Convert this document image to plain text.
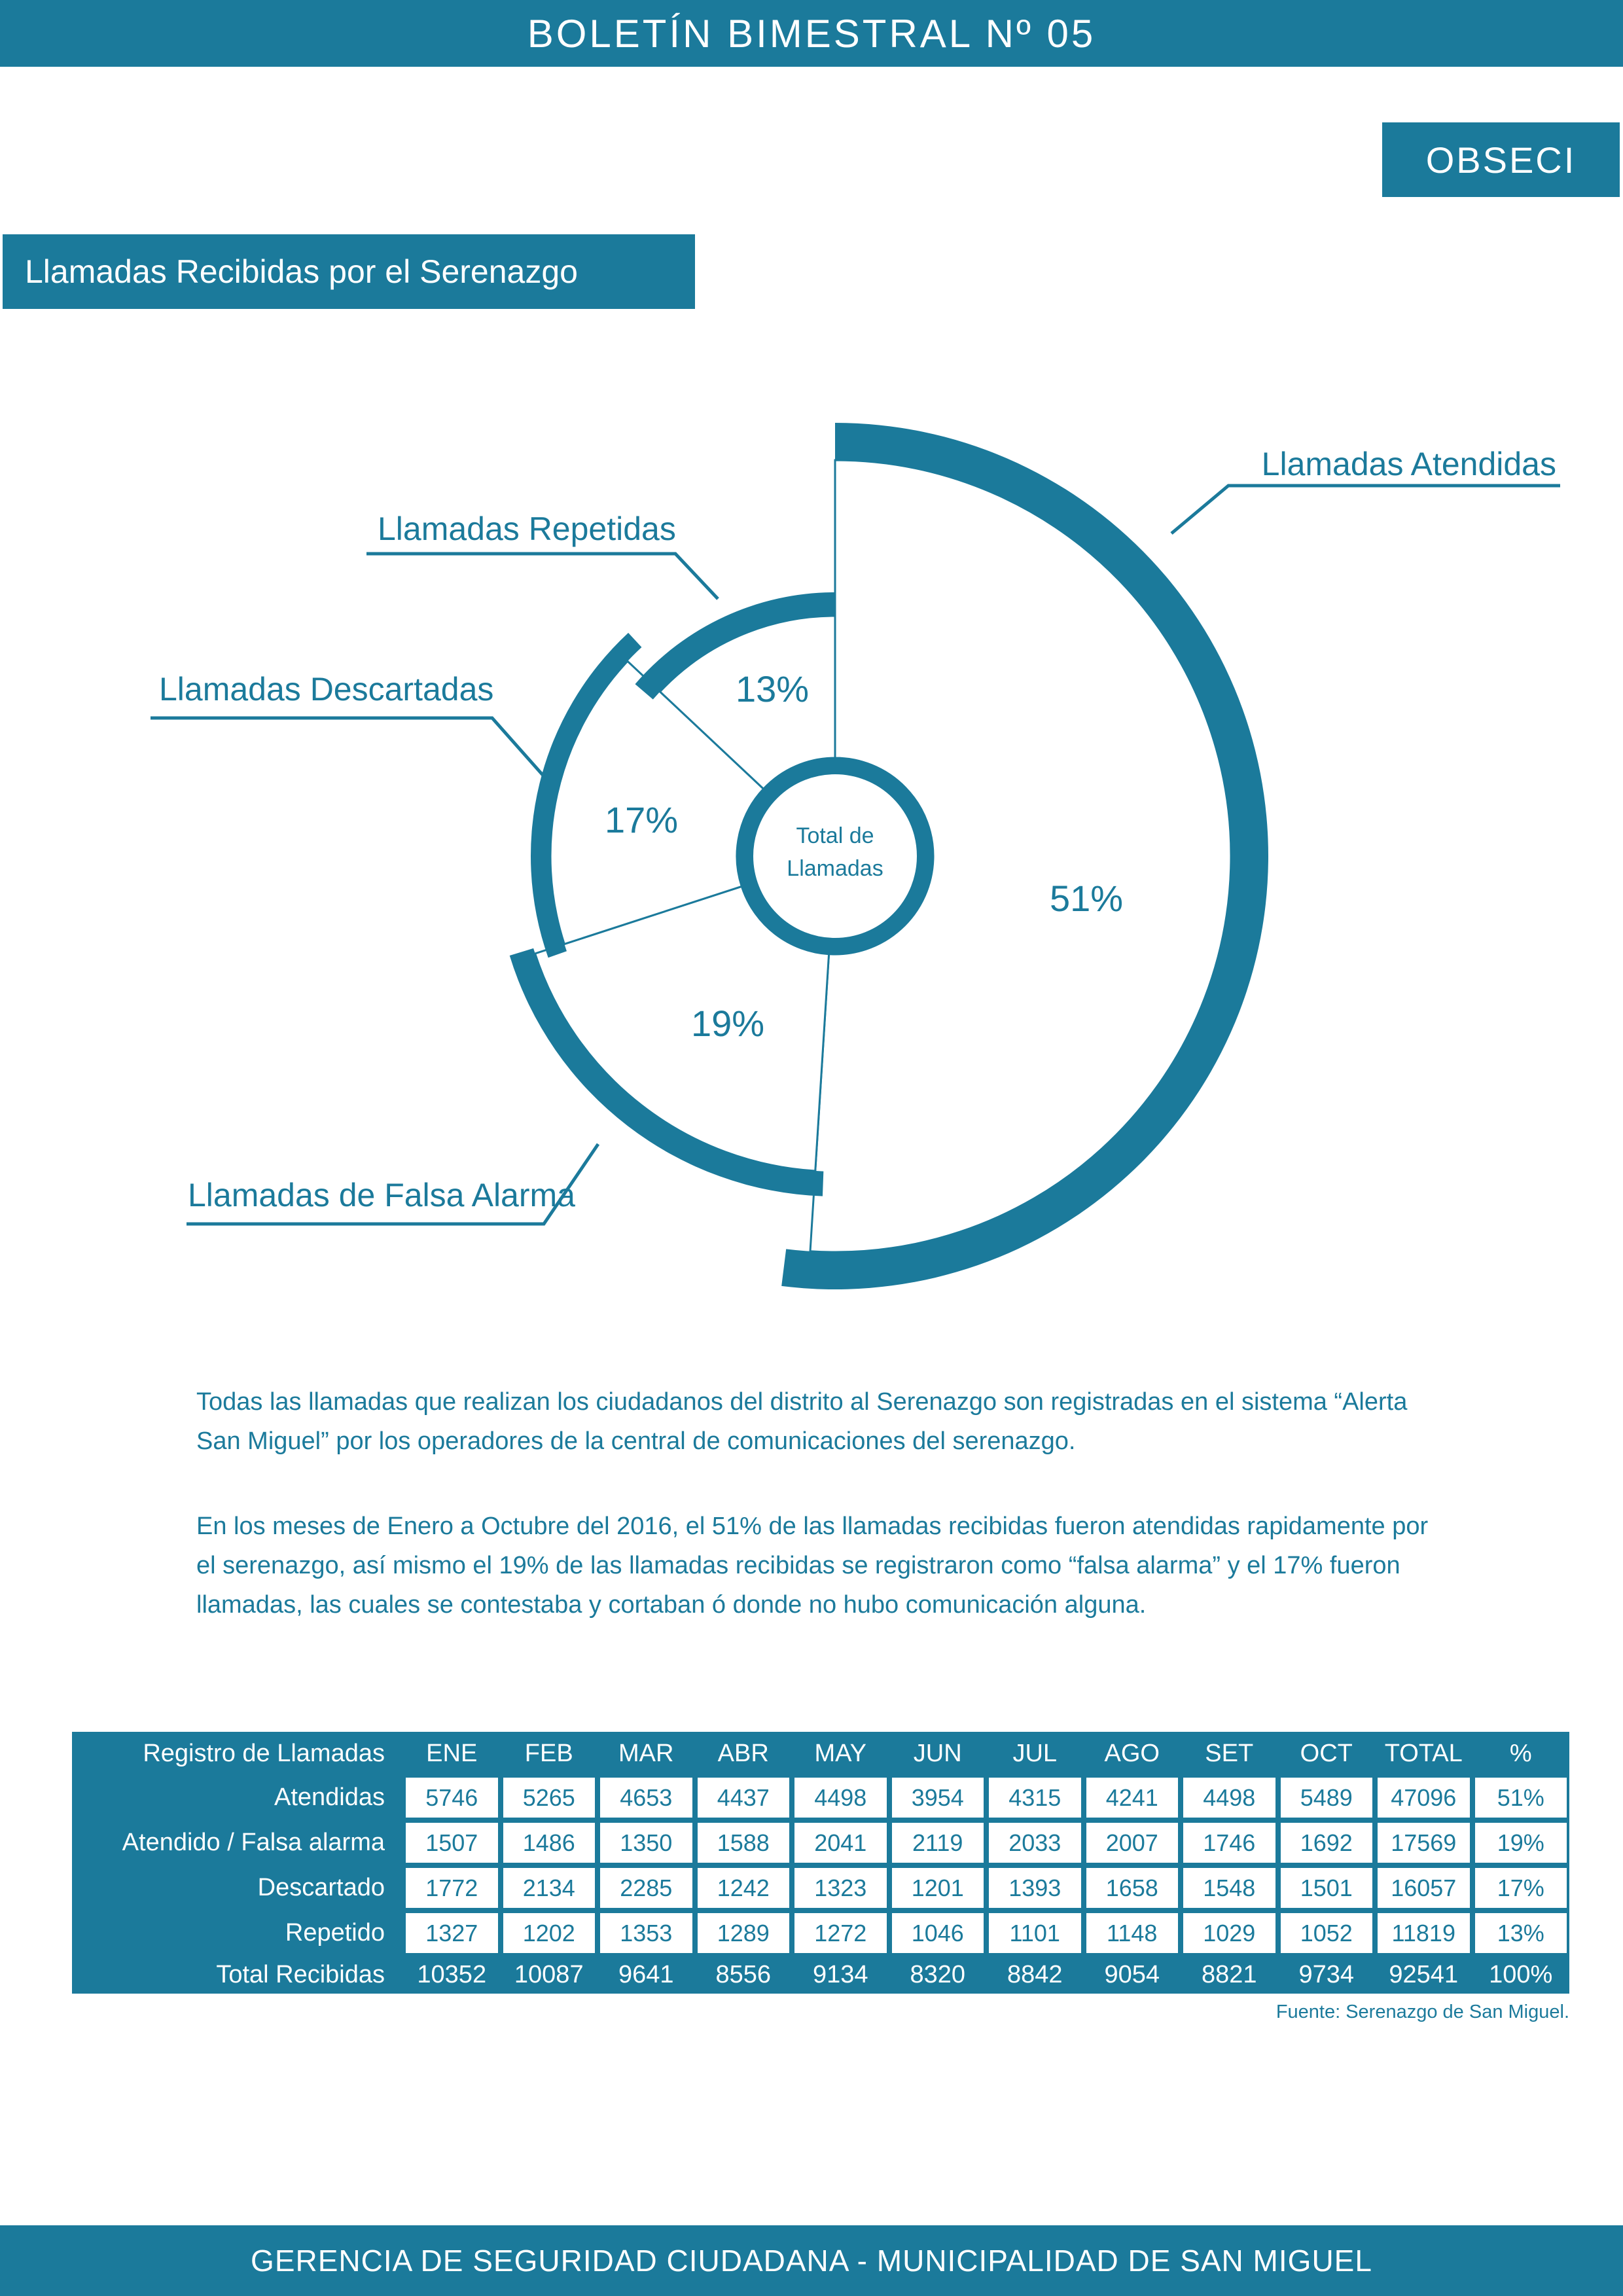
BOLETÍN BIMESTRAL Nº 05
OBSECI
Llamadas Recibidas por el Serenazgo
Llamadas Atendidas
Llamadas de Falsa Alarma
Llamadas Descartadas
Llamadas Repetidas
51%
19%
17%
13%
Total de
Llamadas

Todas las llamadas que realizan los ciudadanos del distrito al Serenazgo son registradas en el sistema “Alerta San Miguel” por los operadores de la central de comunicaciones del serenazgo.

En los meses de Enero a Octubre del 2016, el 51% de las llamadas recibidas fueron atendidas rapidamente por el serenazgo, así mismo el 19% de las llamadas recibidas se registraron como “falsa alarma” y el 17% fueron llamadas, las cuales se contestaba y cortaban ó donde no hubo comunicación alguna.

Registro de Llamadas	ENE	FEB	MAR	ABR	MAY	JUN	JUL	AGO	SET	OCT	TOTAL	%
Atendidas	5746	5265	4653	4437	4498	3954	4315	4241	4498	5489	47096	51%
Atendido / Falsa alarma	1507	1486	1350	1588	2041	2119	2033	2007	1746	1692	17569	19%
Descartado	1772	2134	2285	1242	1323	1201	1393	1658	1548	1501	16057	17%
Repetido	1327	1202	1353	1289	1272	1046	1101	1148	1029	1052	11819	13%
Total Recibidas	10352	10087	9641	8556	9134	8320	8842	9054	8821	9734	92541	100%
Fuente: Serenazgo de San Miguel.
GERENCIA DE SEGURIDAD CIUDADANA - MUNICIPALIDAD DE SAN MIGUEL
